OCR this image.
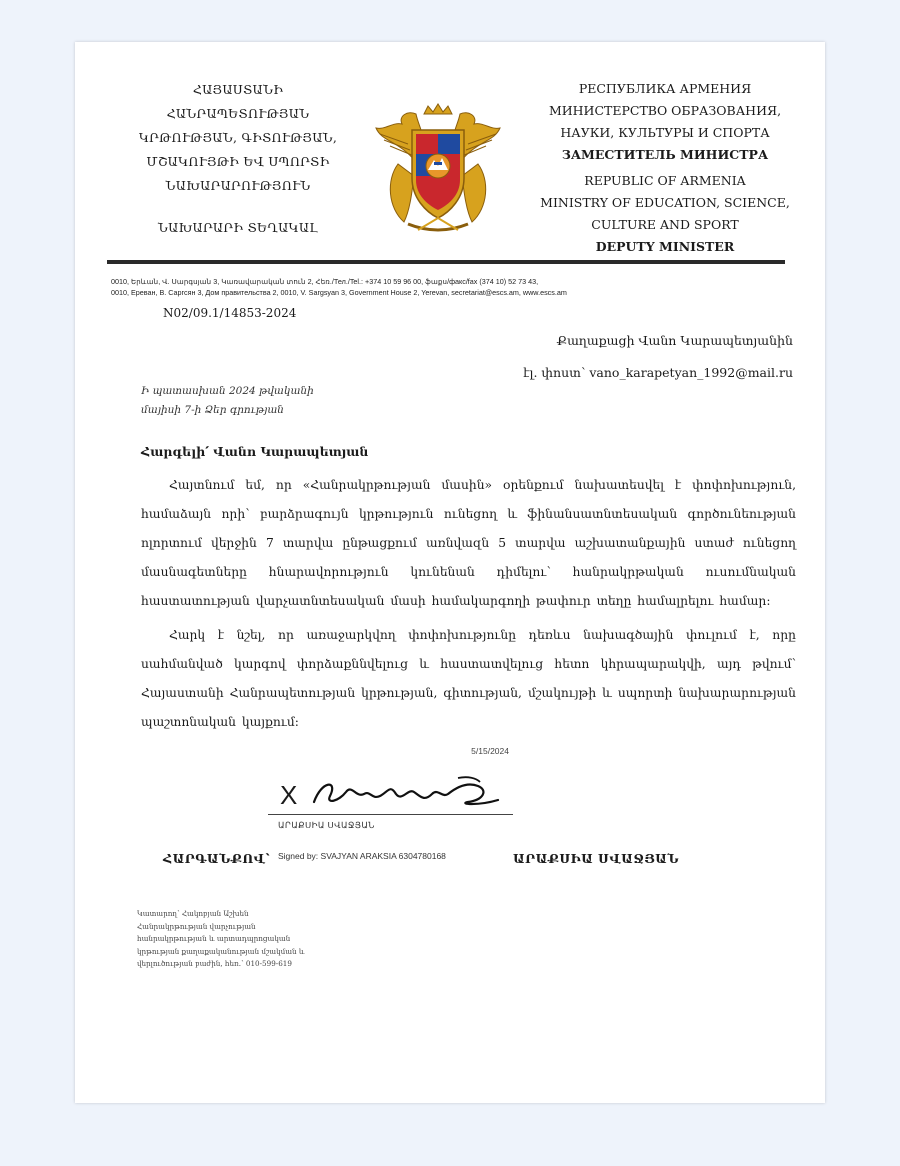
ՀԱՅԱՍՏԱՆԻ
ՀԱՆՐԱՊԵՏՈՒԹՅԱՆ
ԿՐԹՈՒԹՅԱՆ, ԳԻՏՈՒԹՅԱՆ,
ՄՇԱԿՈՒՅԹԻ ԵՎ ՍՊՈՐՏԻ
ՆԱԽԱՐԱՐՈՒԹՅՈՒՆ
ՆԱԽԱՐԱՐԻ ՏԵՂԱԿԱԼ
РЕСПУБЛИКА АРМЕНИЯ
МИНИСТЕРСТВО ОБРАЗОВАНИЯ,
НАУКИ, КУЛЬТУРЫ И СПОРТА
ЗАМЕСТИТЕЛЬ МИНИСТРА
REPUBLIC OF ARMENIA
MINISTRY OF EDUCATION, SCIENCE,
CULTURE AND SPORT
DEPUTY MINISTER
0010, Երևան, Վ. Սարգսյան 3, Կառավարական տուն 2, Հեռ./Тел./Tel.: +374 10 59 96 00, ֆաքս/факс/fax (374 10) 52 73 43,
0010, Ереван, В. Саргсян 3, Дом правительства 2, 0010, V. Sargsyan 3, Government House 2, Yerevan, secretariat@escs.am, www.escs.am
N02/09.1/14853-2024
Քաղաքացի Վանո Կարապետյանին
էլ. փոստ՝ vano_karapetyan_1992@mail.ru
Ի պատասխան 2024 թվականի
մայիսի 7-ի Ձեր գրության
Հարգելի՛ Վանո Կարապետյան
Հայտնում եմ, որ «Հանրակրթության մասին» օրենքում նախատեսվել է փոփոխություն, համաձայն որի՝ բարձրագույն կրթություն ունեցող և ֆինանսատնտեսական գործունեության ոլորտում վերջին 7 տարվա ընթացքում առնվազն 5 տարվա աշխատանքային ստաժ ունեցող մասնագետները հնարավորություն կունենան դիմելու՝ հանրակրթական ուսումնական հաստատության վարչատնտեսական մասի համակարգողի թափուր տեղը համալրելու համար:
Հարկ է նշել, որ առաջարկվող փոփոխությունը դեռևս նախագծային փուլում է, որը սահմանված կարգով փորձաքննվելուց և հաստատվելուց հետո կհրապարակվի, այդ թվում՝ Հայաստանի Հանրապետության կրթության, գիտության, մշակույթի և սպորտի նախարարության պաշտոնական կայքում:
5/15/2024
X
ԱՐԱՔՍԻԱ ՍՎԱՋՅԱՆ
Signed by: SVAJYAN ARAKSIA 6304780168
ՀԱՐԳԱՆՔՈՎ՝	ԱՐԱՔՍԻԱ ՍՎԱՋՅԱՆ
Կատարող՝ Հակոբյան Աշխեն
Հանրակրթության վարչության
հանրակրթության և արտադպրոցական
կրթության քաղաքականության մշակման և
վերլուծության բաժին, հեռ.՝ 010-599-619
